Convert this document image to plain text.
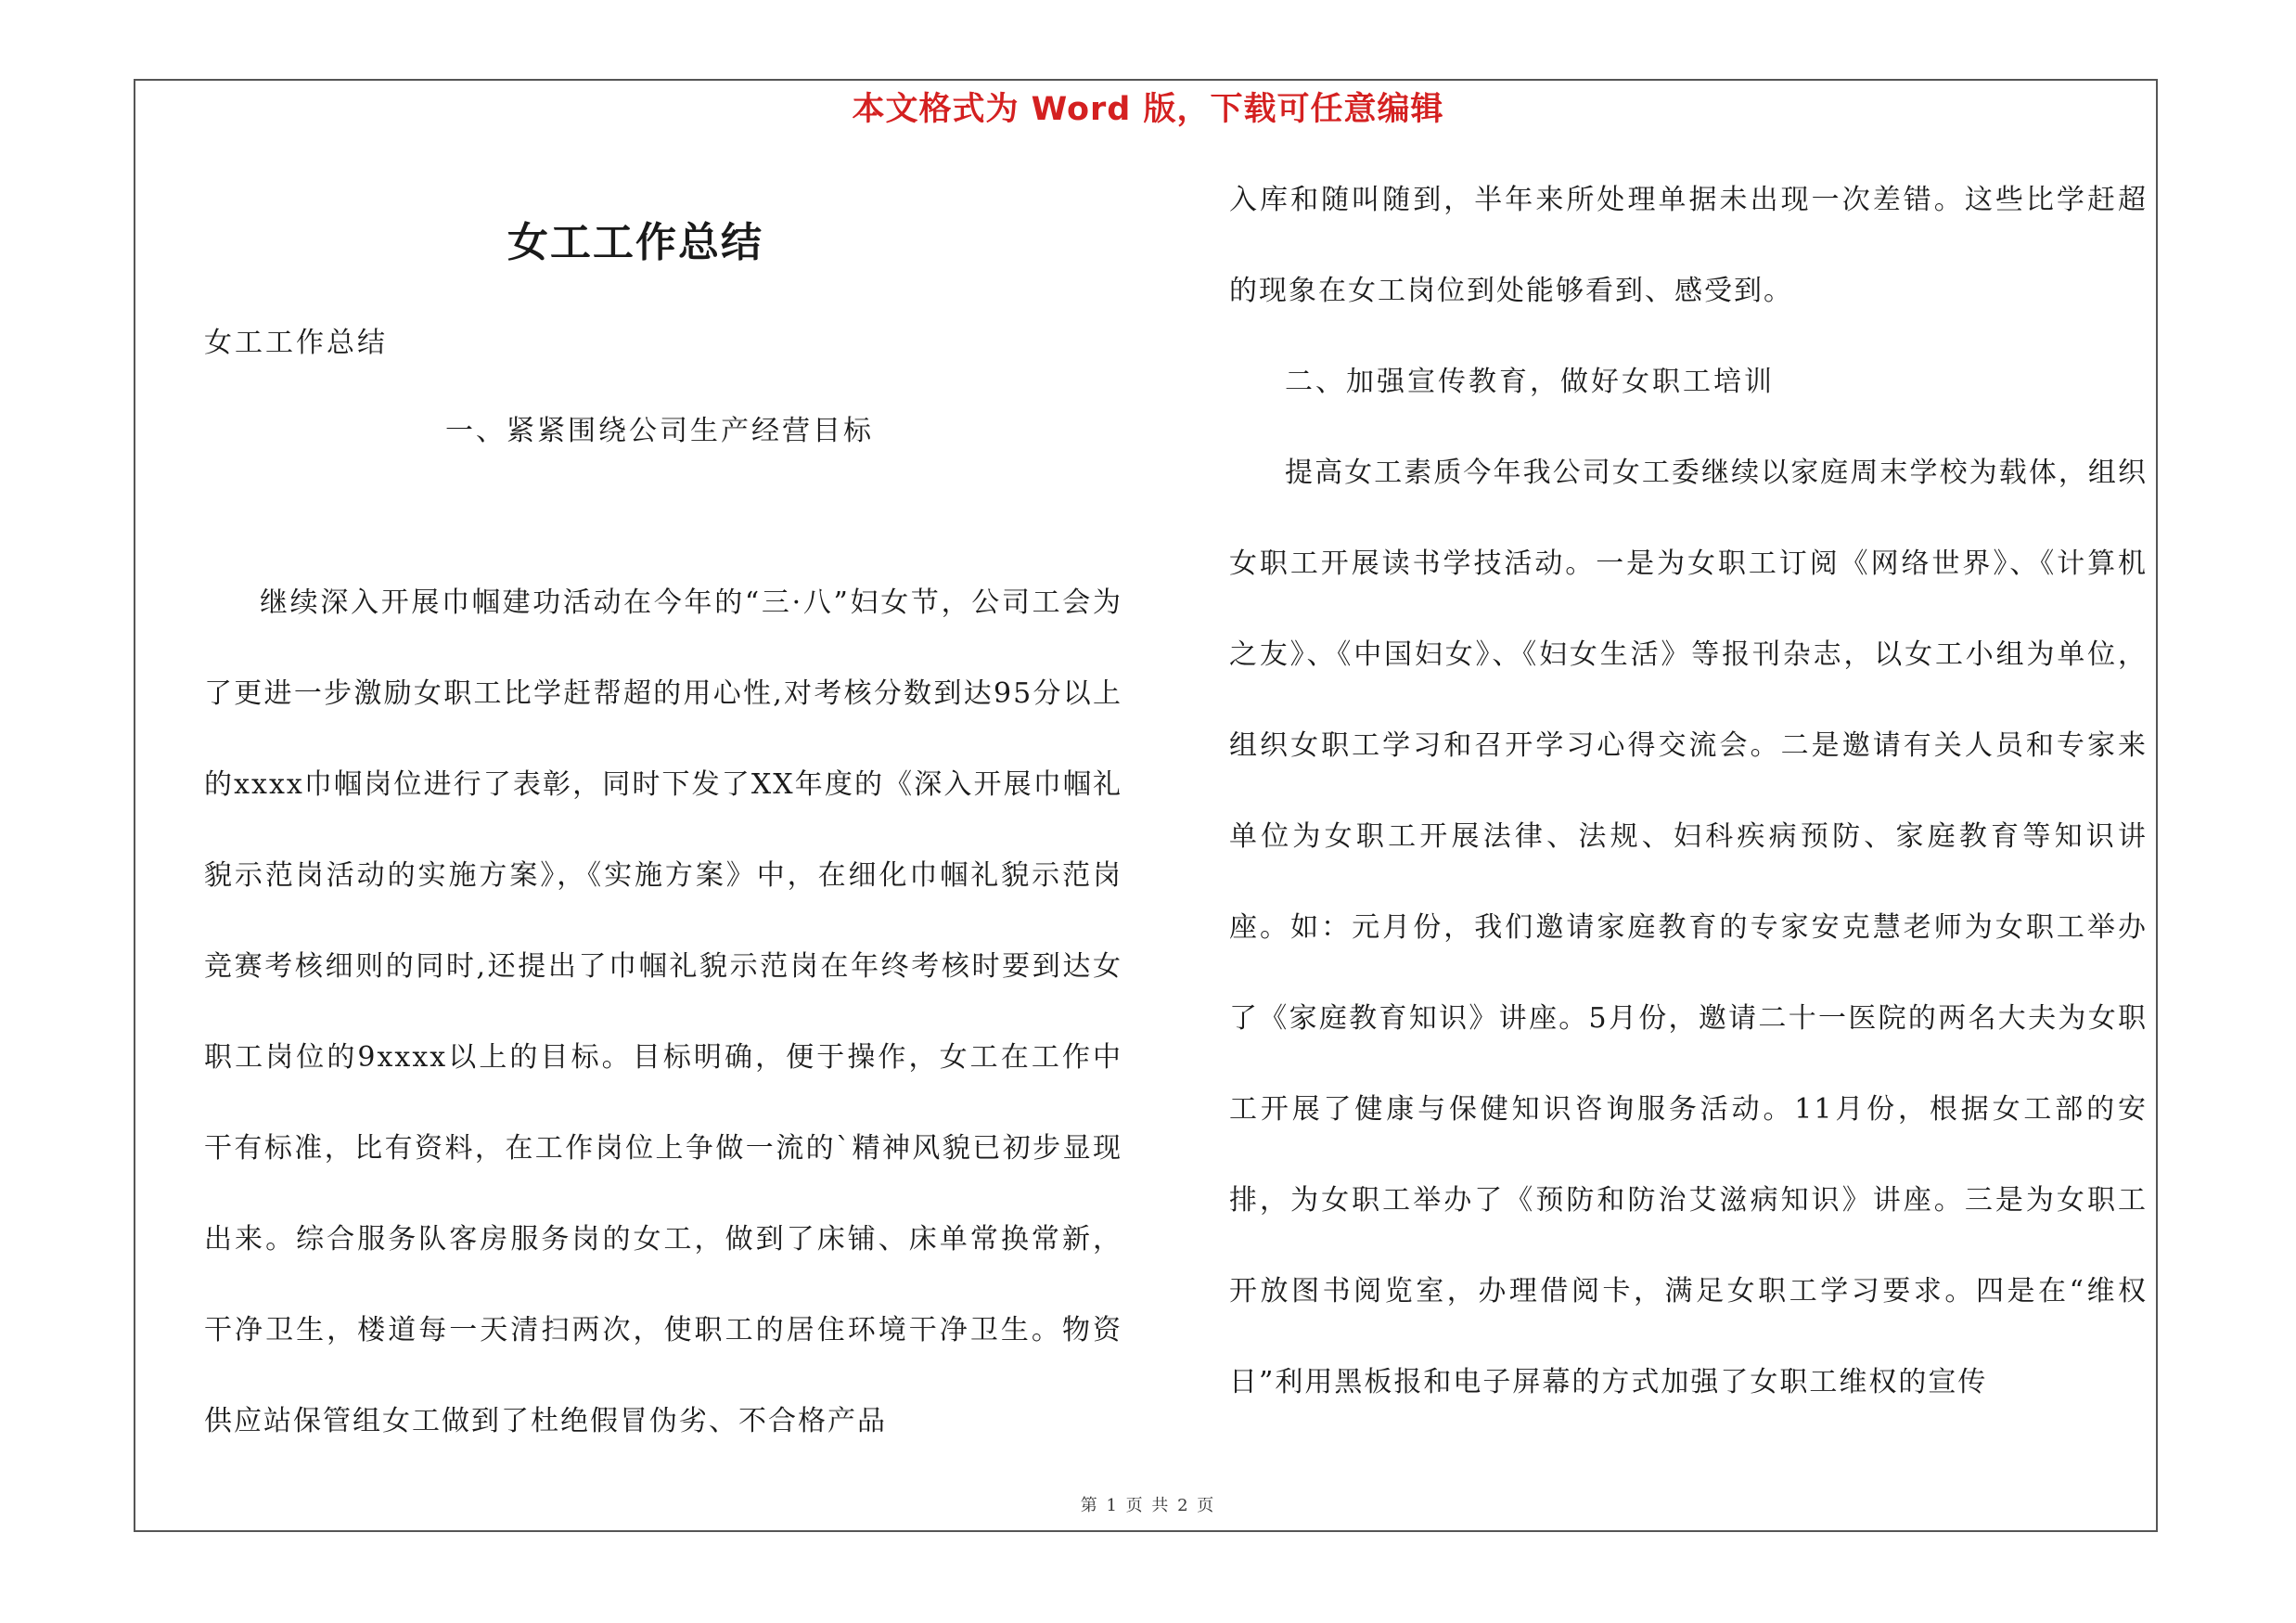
本文格式为 Word 版，下载可任意编辑
女工工作总结
女工工作总结
一、紧紧围绕公司生产经营目标

继续深入开展巾帼建功活动在今年的“三·八”妇女节，公司工会为了更进一步激励女职工比学赶帮超的用心性,对考核分数到达95分以上的xxxx巾帼岗位进行了表彰，同时下发了XX年度的《深入开展巾帼礼貌示范岗活动的实施方案》，《实施方案》中，在细化巾帼礼貌示范岗竞赛考核细则的同时,还提出了巾帼礼貌示范岗在年终考核时要到达女职工岗位的9xxxx以上的目标。目标明确，便于操作，女工在工作中干有标准，比有资料，在工作岗位上争做一流的`精神风貌已初步显现出来。综合服务队客房服务岗的女工，做到了床铺、床单常换常新，干净卫生，楼道每一天清扫两次，使职工的居住环境干净卫生。物资供应站保管组女工做到了杜绝假冒伪劣、不合格产品

入库和随叫随到，半年来所处理单据未出现一次差错。这些比学赶超的现象在女工岗位到处能够看到、感受到。

二、加强宣传教育，做好女职工培训

提高女工素质今年我公司女工委继续以家庭周末学校为载体，组织女职工开展读书学技活动。一是为女职工订阅《网络世界》、《计算机之友》、《中国妇女》、《妇女生活》等报刊杂志，以女工小组为单位，组织女职工学习和召开学习心得交流会。二是邀请有关人员和专家来单位为女职工开展法律、法规、妇科疾病预防、家庭教育等知识讲座。如：元月份，我们邀请家庭教育的专家安克慧老师为女职工举办了《家庭教育知识》讲座。5月份，邀请二十一医院的两名大夫为女职工开展了健康与保健知识咨询服务活动。11月份，根据女工部的安排，为女职工举办了《预防和防治艾滋病知识》讲座。三是为女职工开放图书阅览室，办理借阅卡，满足女职工学习要求。四是在“维权日”利用黑板报和电子屏幕的方式加强了女职工维权的宣传

第 1 页 共 2 页
